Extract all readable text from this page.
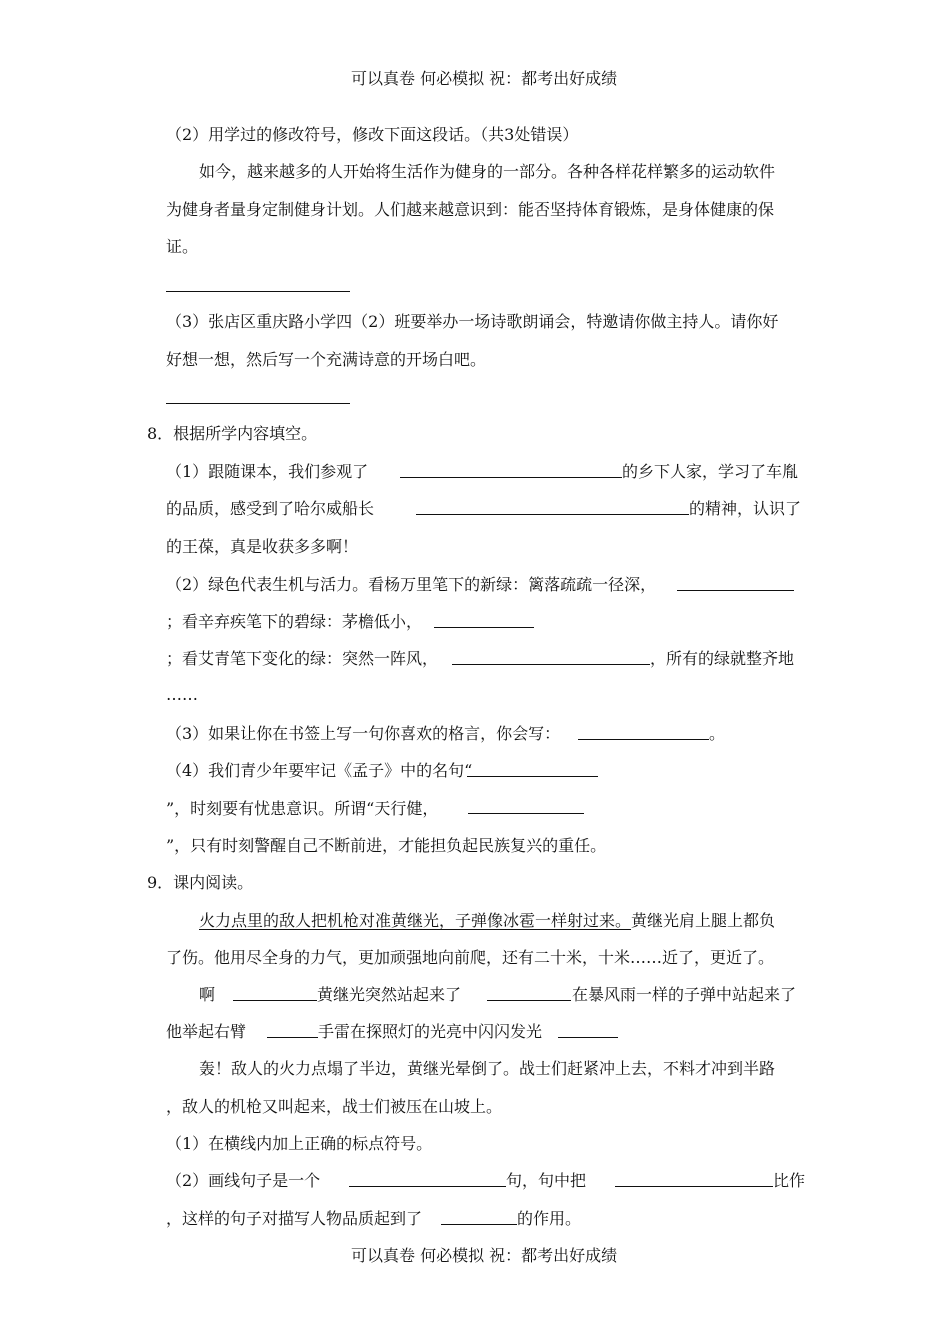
可以真卷 何必模拟 祝：都考出好成绩
（2）用学过的修改符号，修改下面这段话。（共3处错误）
如今，越来越多的人开始将生活作为健身的一部分。各种各样花样繁多的运动软件
为健身者量身定制健身计划。人们越来越意识到：能否坚持体育锻炼，是身体健康的保
证。
（3）张店区重庆路小学四（2）班要举办一场诗歌朗诵会，特邀请你做主持人。请你好
好想一想，然后写一个充满诗意的开场白吧。
8．根据所学内容填空。
（1）跟随课本，我们参观了	的乡下人家，学习了车胤
的品质，感受到了哈尔威船长	的精神，认识了
的王葆，真是收获多多啊！
（2）绿色代表生机与活力。看杨万里笔下的新绿：篱落疏疏一径深，
；看辛弃疾笔下的碧绿：茅檐低小，
；看艾青笔下变化的绿：突然一阵风，	，所有的绿就整齐地
……
（3）如果让你在书签上写一句你喜欢的格言，你会写：	。
（4）我们青少年要牢记《孟子》中的名句“
”，时刻要有忧患意识。所谓“天行健，
”，只有时刻警醒自己不断前进，才能担负起民族复兴的重任。
9．课内阅读。
火力点里的敌人把机枪对准黄继光，子弹像冰雹一样射过来。黄继光肩上腿上都负
了伤。他用尽全身的力气，更加顽强地向前爬，还有二十米，十米……近了，更近了。
啊	黄继光突然站起来了	在暴风雨一样的子弹中站起来了
他举起右臂	手雷在探照灯的光亮中闪闪发光
轰！敌人的火力点塌了半边，黄继光晕倒了。战士们赶紧冲上去，不料才冲到半路
，敌人的机枪又叫起来，战士们被压在山坡上。
（1）在横线内加上正确的标点符号。
（2）画线句子是一个	句，句中把	比作
，这样的句子对描写人物品质起到了	的作用。
可以真卷 何必模拟 祝：都考出好成绩
